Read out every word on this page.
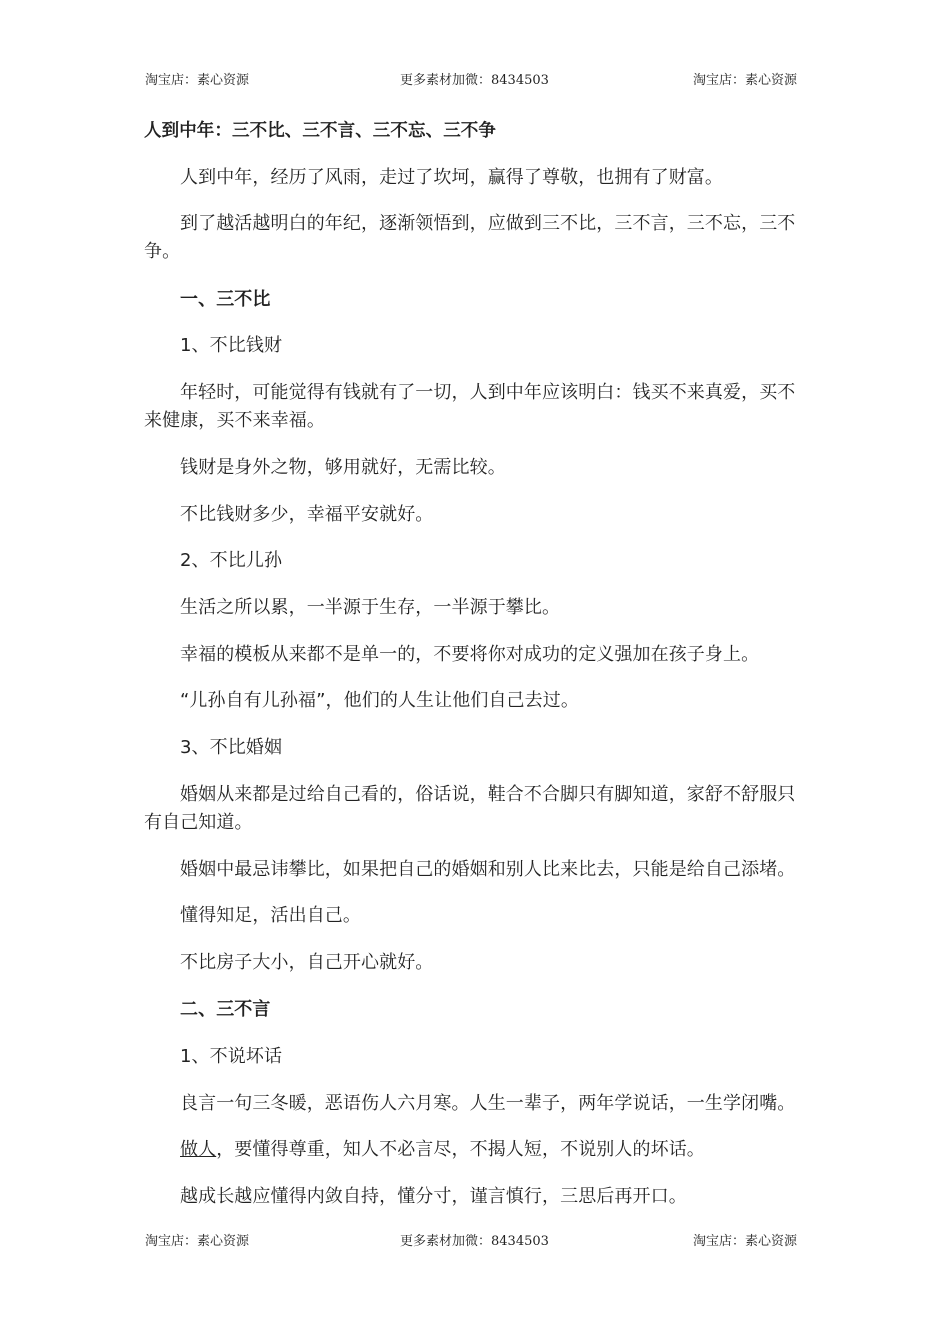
淘宝店：素心资源	更多素材加微：8434503	淘宝店：素心资源
人到中年：三不比、三不言、三不忘、三不争
人到中年，经历了风雨，走过了坎坷，赢得了尊敬，也拥有了财富。
到了越活越明白的年纪，逐渐领悟到，应做到三不比，三不言，三不忘，三不争。
一、三不比
1、不比钱财
年轻时，可能觉得有钱就有了一切，人到中年应该明白：钱买不来真爱，买不来健康，买不来幸福。
钱财是身外之物，够用就好，无需比较。
不比钱财多少，幸福平安就好。
2、不比儿孙
生活之所以累，一半源于生存，一半源于攀比。
幸福的模板从来都不是单一的，不要将你对成功的定义强加在孩子身上。
“儿孙自有儿孙福”，他们的人生让他们自己去过。
3、不比婚姻
婚姻从来都是过给自己看的，俗话说，鞋合不合脚只有脚知道，家舒不舒服只有自己知道。
婚姻中最忌讳攀比，如果把自己的婚姻和别人比来比去，只能是给自己添堵。
懂得知足，活出自己。
不比房子大小，自己开心就好。
二、三不言
1、不说坏话
良言一句三冬暖，恶语伤人六月寒。人生一辈子，两年学说话，一生学闭嘴。
做人，要懂得尊重，知人不必言尽，不揭人短，不说别人的坏话。
越成长越应懂得内敛自持，懂分寸，谨言慎行，三思后再开口。
淘宝店：素心资源	更多素材加微：8434503	淘宝店：素心资源
